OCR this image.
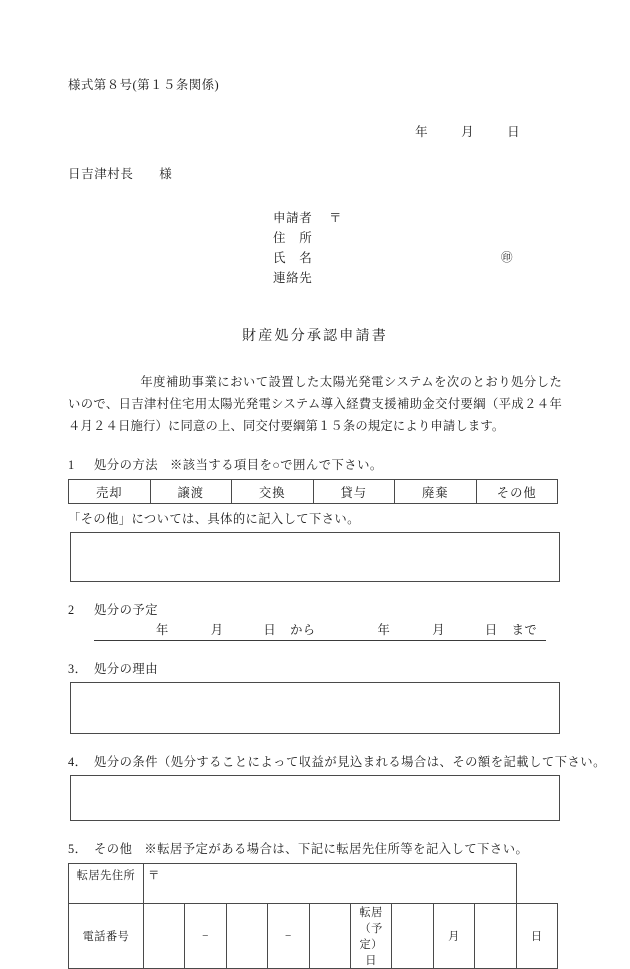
様式第８号(第１５条関係)
年	月	日
日吉津村長 様
申請者 〒
住　所
氏　名	㊞
連絡先
財産処分承認申請書
年度補助事業において設置した太陽光発電システムを次のとおり処分したいので、日吉津村住宅用太陽光発電システム導入経費支援補助金交付要綱（平成２４年４月２４日施行）に同意の上、同交付要綱第１５条の規定により申請します。
1 処分の方法 ※該当する項目を○で囲んで下さい。
売却	譲渡	交換	貸与	廃棄	その他
「その他」については、具体的に記入して下さい。
2 処分の予定
年	月	日 から	年	月	日 まで
3． 処分の理由
4． 処分の条件（処分することによって収益が見込まれる場合は、その額を記載して下さい。
5． その他 ※転居予定がある場合は、下記に転居先住所等を記入して下さい。
転居先住所	〒									
電話番号		−		−		転居（予定）日		月		日
